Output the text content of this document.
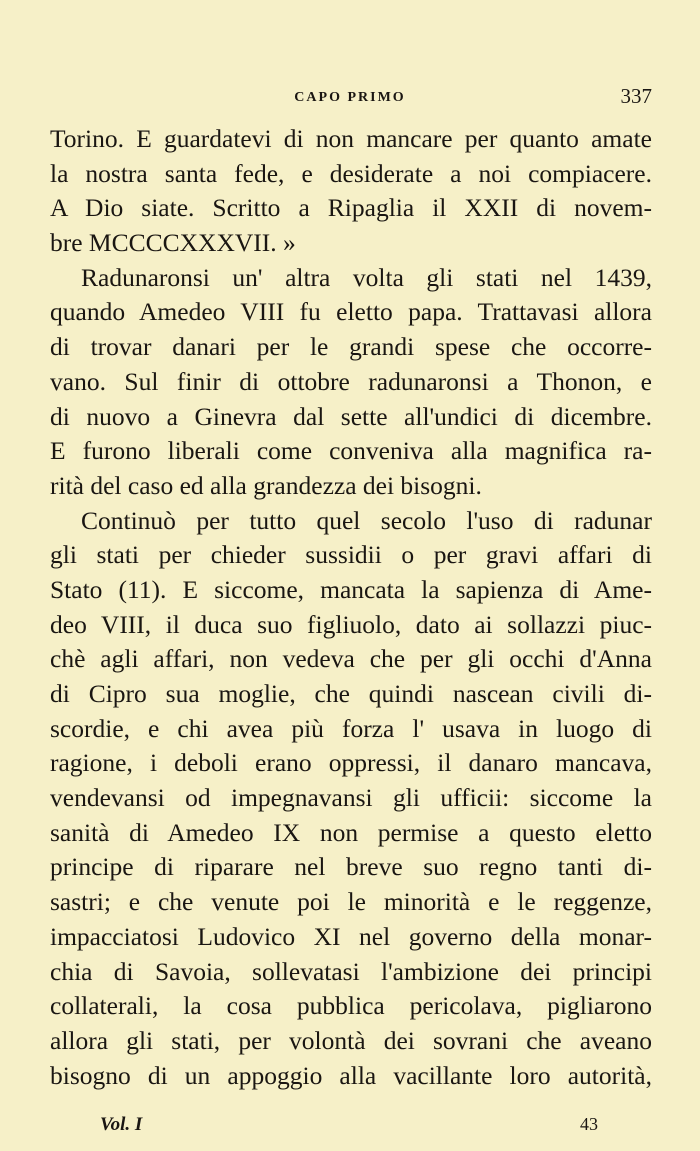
CAPO PRIMO	337
Torino. E guardatevi di non mancare per quanto amate
la nostra santa fede, e desiderate a noi compiacere.
A Dio siate. Scritto a Ripaglia il XXII di novem-
bre MCCCCXXXVII. »
Radunaronsi un' altra volta gli stati nel 1439,
quando Amedeo VIII fu eletto papa. Trattavasi allora
di trovar danari per le grandi spese che occorre-
vano. Sul finir di ottobre radunaronsi a Thonon, e
di nuovo a Ginevra dal sette all'undici di dicembre.
E furono liberali come conveniva alla magnifica ra-
rità del caso ed alla grandezza dei bisogni.
Continuò per tutto quel secolo l'uso di radunar
gli stati per chieder sussidii o per gravi affari di
Stato (11). E siccome, mancata la sapienza di Ame-
deo VIII, il duca suo figliuolo, dato ai sollazzi piuc-
chè agli affari, non vedeva che per gli occhi d'Anna
di Cipro sua moglie, che quindi nascean civili di-
scordie, e chi avea più forza l' usava in luogo di
ragione, i deboli erano oppressi, il danaro mancava,
vendevansi od impegnavansi gli ufficii: siccome la
sanità di Amedeo IX non permise a questo eletto
principe di riparare nel breve suo regno tanti di-
sastri; e che venute poi le minorità e le reggenze,
impacciatosi Ludovico XI nel governo della monar-
chia di Savoia, sollevatasi l'ambizione dei principi
collaterali, la cosa pubblica pericolava, pigliarono
allora gli stati, per volontà dei sovrani che aveano
bisogno di un appoggio alla vacillante loro autorità,
Vol. I	43
